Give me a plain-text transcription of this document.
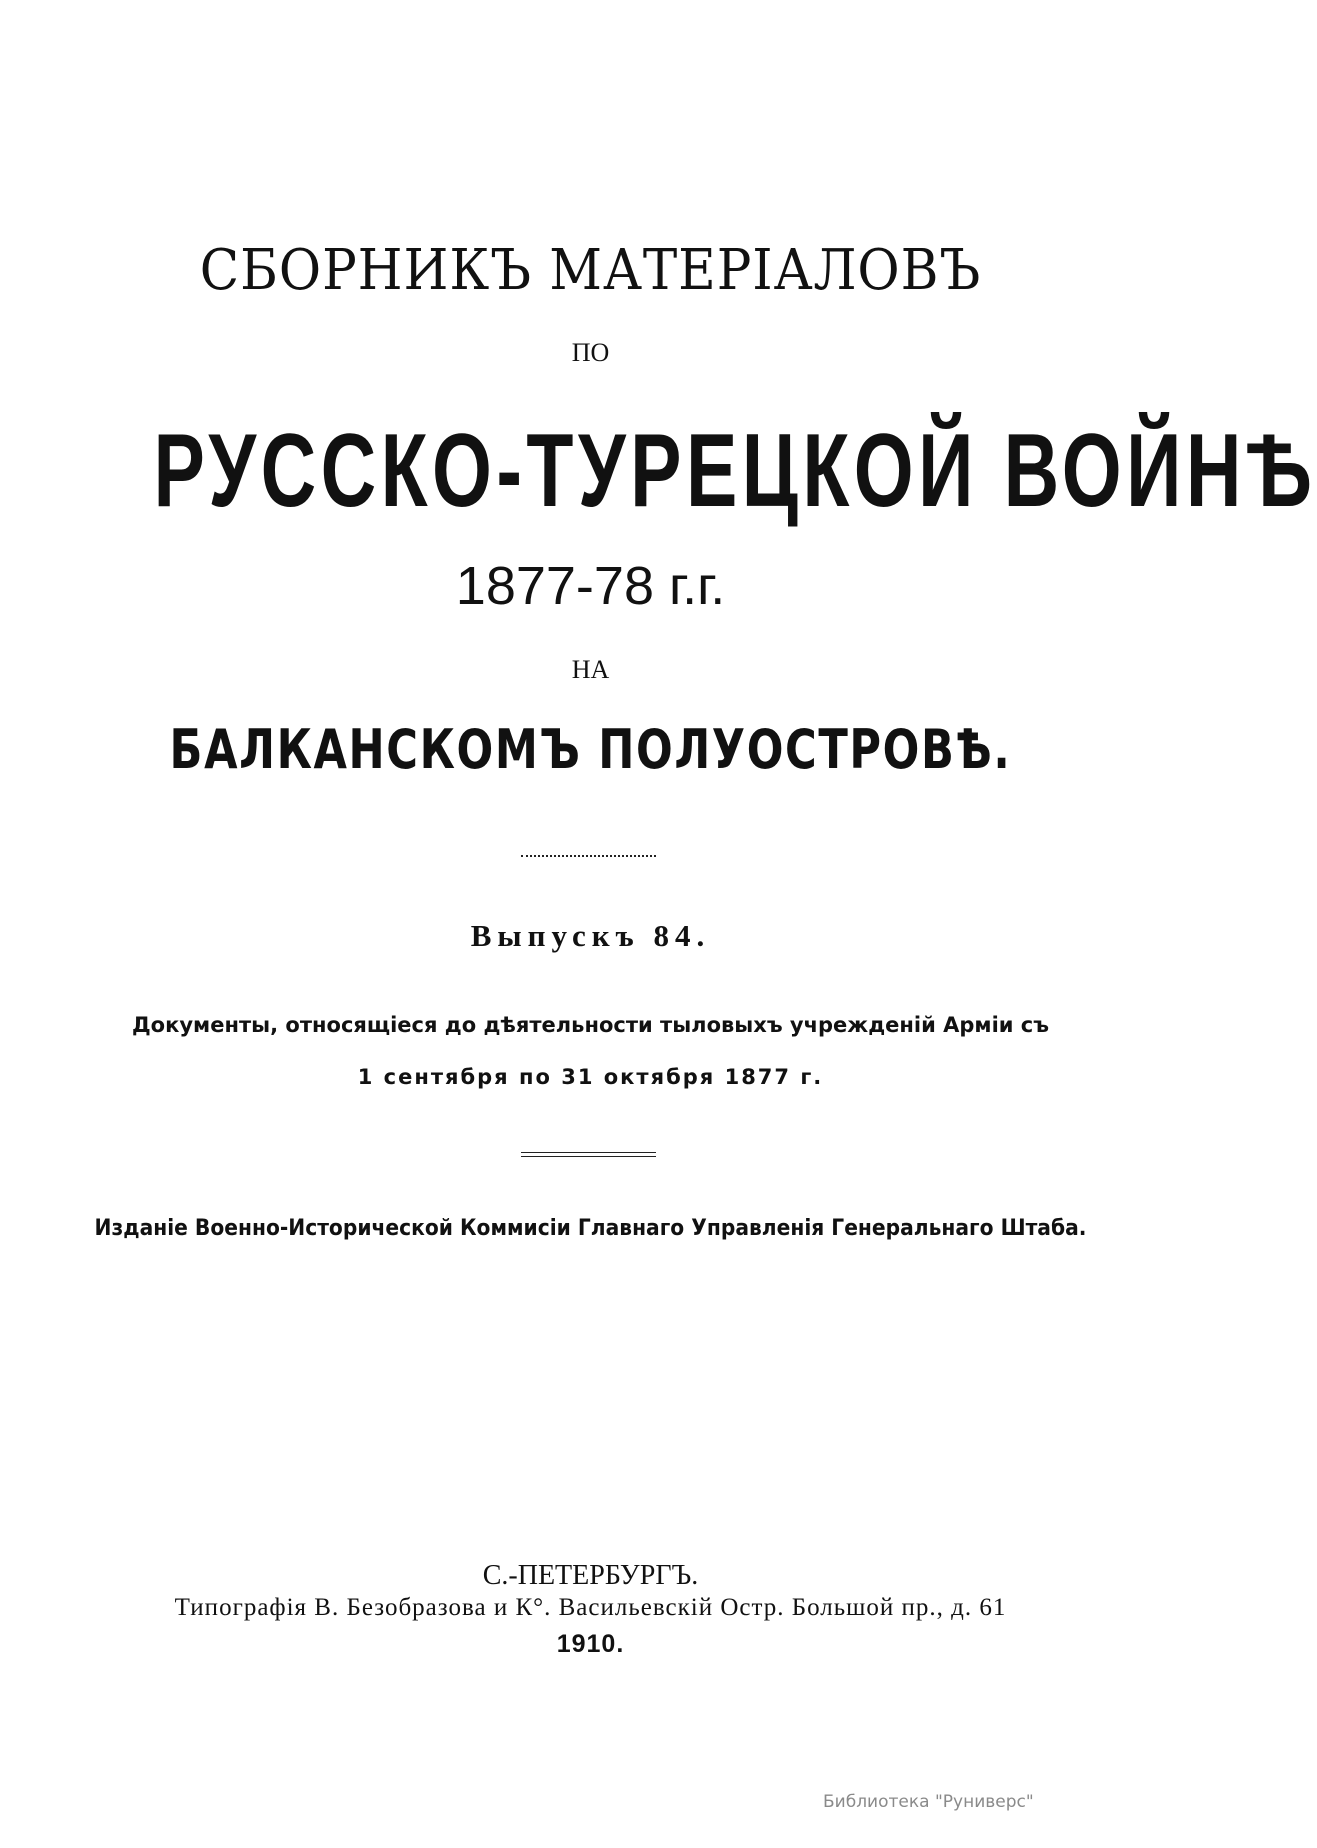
СБОРНИКЪ МАТЕРІАЛОВЪ
ПО
РУССКО-ТУРЕЦКОЙ ВОЙНѢ
1877-78 г.г.
НА
БАЛКАНСКОМЪ ПОЛУОСТРОВѢ.
Выпускъ 84.
Документы, относящіеся до дѣятельности тыловыхъ учрежденій Арміи съ
1 сентября по 31 октября 1877 г.
Изданіе Военно-Исторической Коммисіи Главнаго Управленія Генеральнаго Штаба.
С.-ПЕТЕРБУРГЪ.
Типографія В. Безобразова и К°. Васильевскій Остр. Большой пр., д. 61
1910.
Библиотека "Руниверс"
